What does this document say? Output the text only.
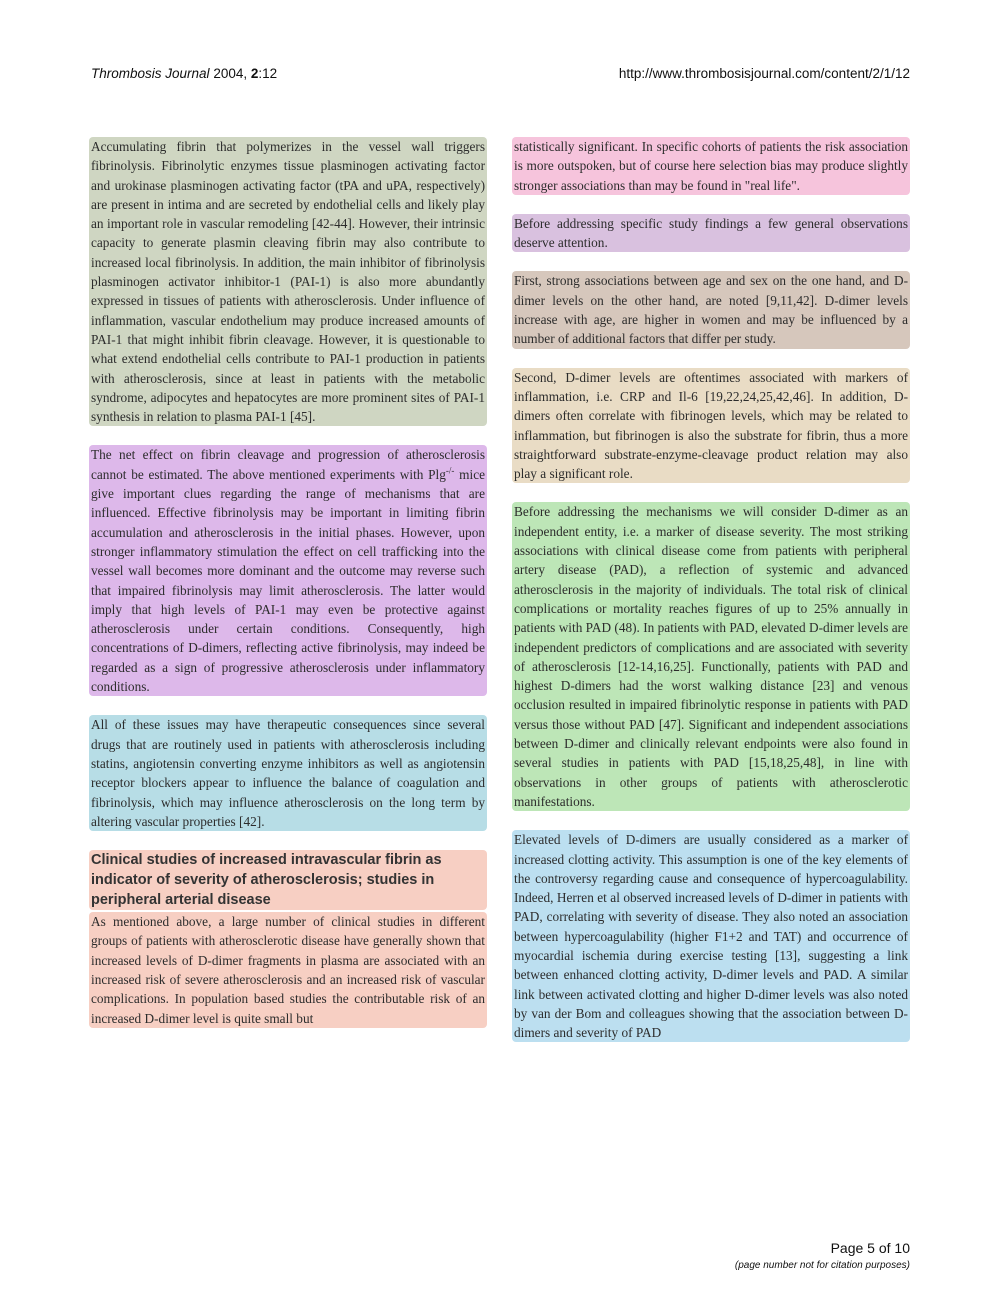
Thrombosis Journal 2004, 2:12	http://www.thrombosisjournal.com/content/2/1/12

Accumulating fibrin that polymerizes in the vessel wall triggers fibrinolysis. Fibrinolytic enzymes tissue plasminogen activating factor and urokinase plasminogen activating factor (tPA and uPA, respectively) are present in intima and are secreted by endothelial cells and likely play an important role in vascular remodeling [42-44]. However, their intrinsic capacity to generate plasmin cleaving fibrin may also contribute to increased local fibrinolysis. In addition, the main inhibitor of fibrinolysis plasminogen activator inhibitor-1 (PAI-1) is also more abundantly expressed in tissues of patients with atherosclerosis. Under influence of inflammation, vascular endothelium may produce increased amounts of PAI-1 that might inhibit fibrin cleavage. However, it is questionable to what extend endothelial cells contribute to PAI-1 production in patients with atherosclerosis, since at least in patients with the metabolic syndrome, adipocytes and hepatocytes are more prominent sites of PAI-1 synthesis in relation to plasma PAI-1 [45].

The net effect on fibrin cleavage and progression of atherosclerosis cannot be estimated. The above mentioned experiments with Plg-/- mice give important clues regarding the range of mechanisms that are influenced. Effective fibrinolysis may be important in limiting fibrin accumulation and atherosclerosis in the initial phases. However, upon stronger inflammatory stimulation the effect on cell trafficking into the vessel wall becomes more dominant and the outcome may reverse such that impaired fibrinolysis may limit atherosclerosis. The latter would imply that high levels of PAI-1 may even be protective against atherosclerosis under certain conditions. Consequently, high concentrations of D-dimers, reflecting active fibrinolysis, may indeed be regarded as a sign of progressive atherosclerosis under inflammatory conditions.

All of these issues may have therapeutic consequences since several drugs that are routinely used in patients with atherosclerosis including statins, angiotensin converting enzyme inhibitors as well as angiotensin receptor blockers appear to influence the balance of coagulation and fibrinolysis, which may influence atherosclerosis on the long term by altering vascular properties [42].

Clinical studies of increased intravascular fibrin as indicator of severity of atherosclerosis; studies in peripheral arterial disease

As mentioned above, a large number of clinical studies in different groups of patients with atherosclerotic disease have generally shown that increased levels of D-dimer fragments in plasma are associated with an increased risk of severe atherosclerosis and an increased risk of vascular complications. In population based studies the contributable risk of an increased D-dimer level is quite small but

statistically significant. In specific cohorts of patients the risk association is more outspoken, but of course here selection bias may produce slightly stronger associations than may be found in "real life".

Before addressing specific study findings a few general observations deserve attention.

First, strong associations between age and sex on the one hand, and D-dimer levels on the other hand, are noted [9,11,42]. D-dimer levels increase with age, are higher in women and may be influenced by a number of additional factors that differ per study.

Second, D-dimer levels are oftentimes associated with markers of inflammation, i.e. CRP and Il-6 [19,22,24,25,42,46]. In addition, D-dimers often correlate with fibrinogen levels, which may be related to inflammation, but fibrinogen is also the substrate for fibrin, thus a more straightforward substrate-enzyme-cleavage product relation may also play a significant role.

Before addressing the mechanisms we will consider D-dimer as an independent entity, i.e. a marker of disease severity. The most striking associations with clinical disease come from patients with peripheral artery disease (PAD), a reflection of systemic and advanced atherosclerosis in the majority of individuals. The total risk of clinical complications or mortality reaches figures of up to 25% annually in patients with PAD (48). In patients with PAD, elevated D-dimer levels are independent predictors of complications and are associated with severity of atherosclerosis [12-14,16,25]. Functionally, patients with PAD and highest D-dimers had the worst walking distance [23] and venous occlusion resulted in impaired fibrinolytic response in patients with PAD versus those without PAD [47]. Significant and independent associations between D-dimer and clinically relevant endpoints were also found in several studies in patients with PAD [15,18,25,48], in line with observations in other groups of patients with atherosclerotic manifestations.

Elevated levels of D-dimers are usually considered as a marker of increased clotting activity. This assumption is one of the key elements of the controversy regarding cause and consequence of hypercoagulability. Indeed, Herren et al observed increased levels of D-dimer in patients with PAD, correlating with severity of disease. They also noted an association between hypercoagulability (higher F1+2 and TAT) and occurrence of myocardial ischemia during exercise testing [13], suggesting a link between enhanced clotting activity, D-dimer levels and PAD. A similar link between activated clotting and higher D-dimer levels was also noted by van der Bom and colleagues showing that the association between D-dimers and severity of PAD

Page 5 of 10
(page number not for citation purposes)
